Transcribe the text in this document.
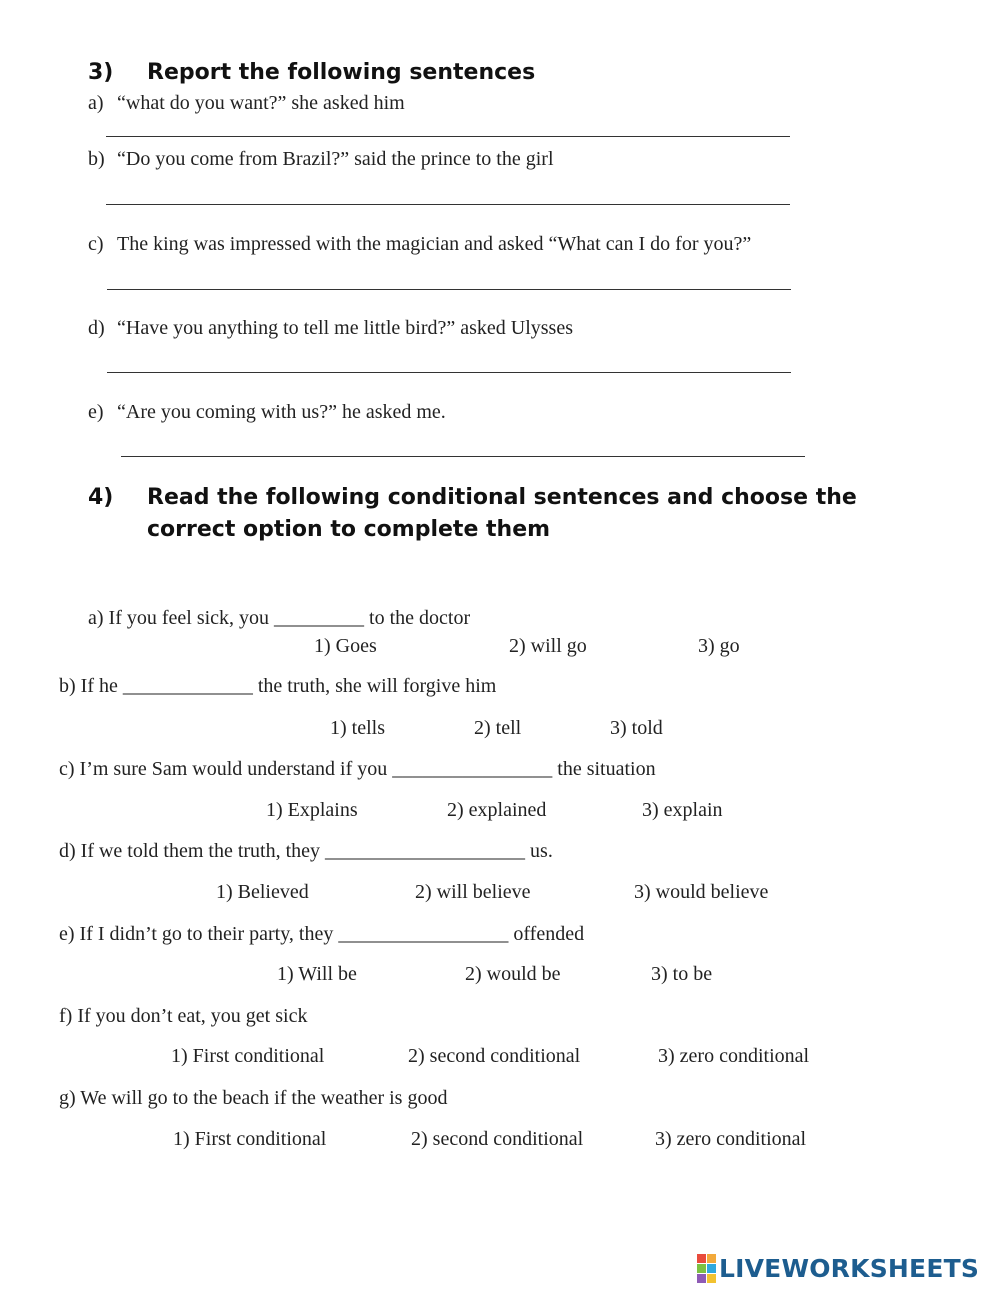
3) Report the following sentences
a) “what do you want?” she asked him
b) “Do you come from Brazil?” said the prince to the girl
c) The king was impressed with the magician and asked “What can I do for you?”
d) “Have you anything to tell me little bird?” asked Ulysses
e) “Are you coming with us?” he asked me.
4) Read the following conditional sentences and choose the
correct option to complete them
a) If you feel sick, you _________ to the doctor
1) Goes	2) will go	3) go
b) If he _____________ the truth, she will forgive him
1) tells	2) tell	3) told
c) I’m sure Sam would understand if you ________________ the situation
1) Explains	2) explained	3) explain
d) If we told them the truth, they ____________________ us.
1) Believed	2) will believe	3) would believe
e) If I didn’t go to their party, they _________________ offended
1) Will be	2) would be	3) to be
f) If you don’t eat, you get sick
1) First conditional	2) second conditional	3) zero conditional
g) We will go to the beach if the weather is good
1) First conditional	2) second conditional	3) zero conditional
LIVEWORKSHEETS
